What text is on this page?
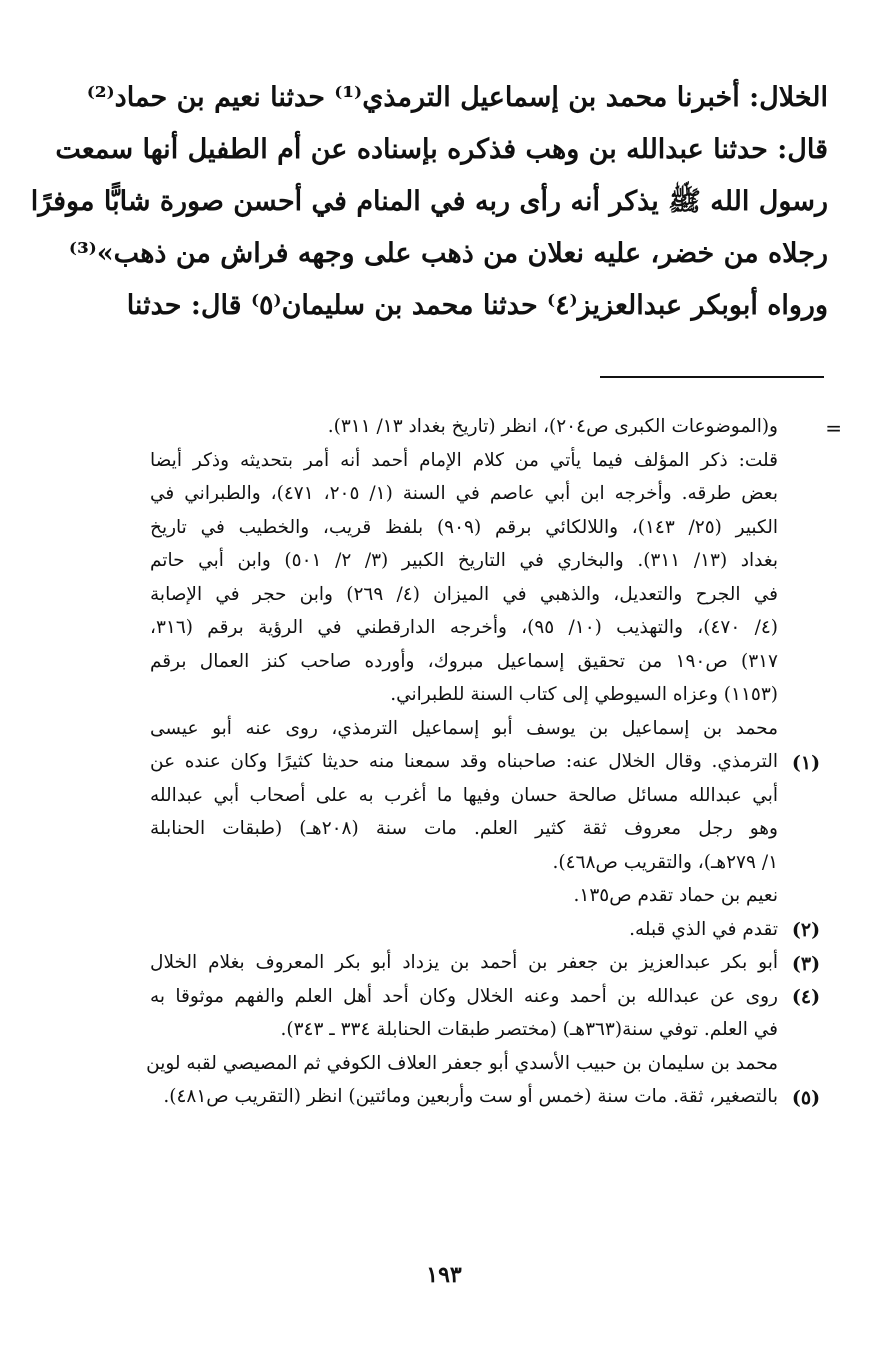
الخلال: أخبرنا محمد بن إسماعيل الترمذي⁽¹⁾ حدثنا نعيم بن حماد⁽²⁾
قال: حدثنا عبدالله بن وهب فذكره بإسناده عن أم الطفيل أنها سمعت
رسول الله ﷺ يذكر أنه رأى ربه في المنام في أحسن صورة شابًّا موفرًا
رجلاه من خضر، عليه نعلان من ذهب على وجهه فراش من ذهب»⁽³⁾
ورواه أبوبكر عبدالعزيز⁽٤⁾ حدثنا محمد بن سليمان⁽٥⁾ قال: حدثنا
=
و(الموضوعات الكبرى ص٢٠٤)، انظر (تاريخ بغداد ١٣/ ٣١١).
قلت: ذكر المؤلف فيما يأتي من كلام الإمام أحمد أنه أمر بتحديثه وذكر أيضا
بعض طرقه. وأخرجه ابن أبي عاصم في السنة (١/ ٢٠٥، ٤٧١)، والطبراني في
الكبير (٢٥/ ١٤٣)، واللالكائي برقم (٩٠٩) بلفظ قريب، والخطيب في تاريخ
بغداد (١٣/ ٣١١). والبخاري في التاريخ الكبير (٣/ ٢/ ٥٠١) وابن أبي حاتم
في الجرح والتعديل، والذهبي في الميزان (٤/ ٢٦٩) وابن حجر في الإصابة
(٤/ ٤٧٠)، والتهذيب (١٠/ ٩٥)، وأخرجه الدارقطني في الرؤية برقم (٣١٦،
٣١٧) ص١٩٠ من تحقيق إسماعيل مبروك، وأورده صاحب كنز العمال برقم
(١١٥٣) وعزاه السيوطي إلى كتاب السنة للطبراني.
محمد بن إسماعيل بن يوسف أبو إسماعيل الترمذي، روى عنه أبو عيسى
الترمذي. وقال الخلال عنه: صاحبناه وقد سمعنا منه حديثا كثيرًا وكان عنده عن
أبي عبدالله مسائل صالحة حسان وفيها ما أغرب به على أصحاب أبي عبدالله
وهو رجل معروف ثقة كثير العلم. مات سنة (٢٠٨هـ) (طبقات الحنابلة
١/ ٢٧٩هـ)، والتقريب ص٤٦٨).
نعيم بن حماد تقدم ص١٣٥.
تقدم في الذي قبله.
أبو بكر عبدالعزيز بن جعفر بن أحمد بن يزداد أبو بكر المعروف بغلام الخلال
روى عن عبدالله بن أحمد وعنه الخلال وكان أحد أهل العلم والفهم موثوقا به
في العلم. توفي سنة(٣٦٣هـ) (مختصر طبقات الحنابلة ٣٣٤ ـ ٣٤٣).
محمد بن سليمان بن حبيب الأسدي أبو جعفر العلاف الكوفي ثم المصيصي لقبه لوين
بالتصغير، ثقة. مات سنة (خمس أو ست وأربعين ومائتين) انظر (التقريب ص٤٨١).
(١)
(٢)
(٣)
(٤)
(٥)
١٩٣
